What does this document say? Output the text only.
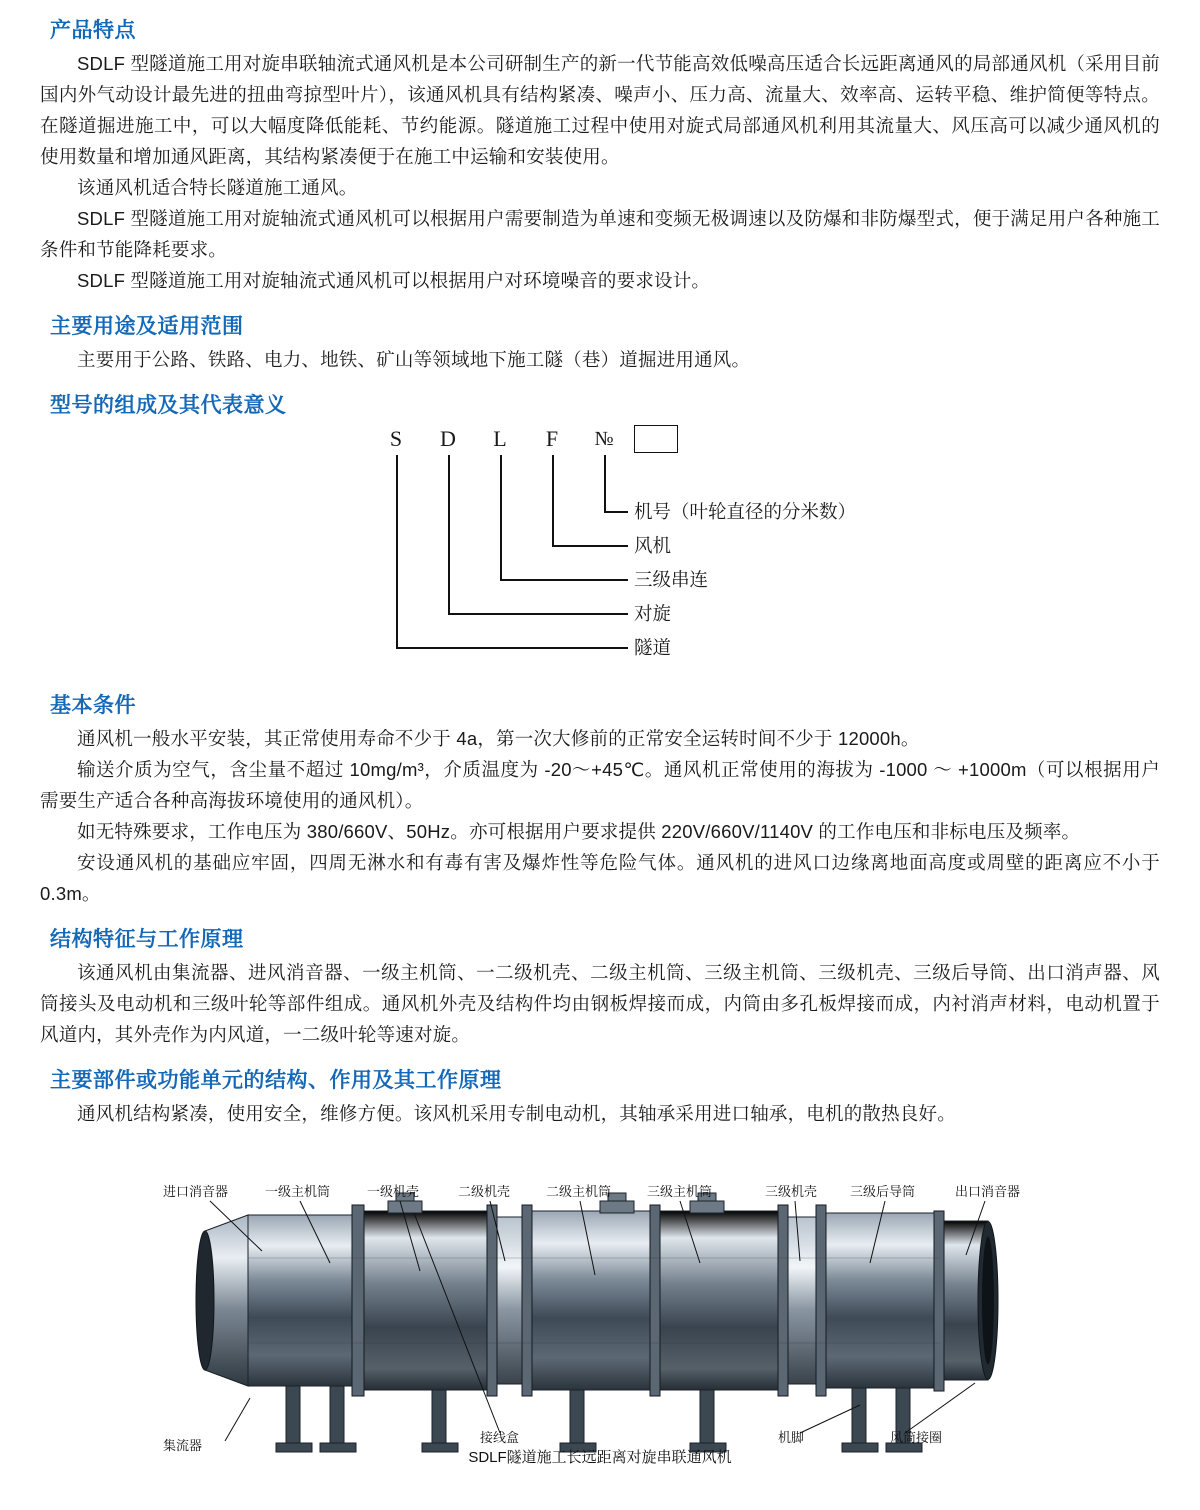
产品特点

SDLF 型隧道施工用对旋串联轴流式通风机是本公司研制生产的新一代节能高效低噪高压适合长远距离通风的局部通风机（采用目前国内外气动设计最先进的扭曲弯掠型叶片），该通风机具有结构紧凑、噪声小、压力高、流量大、效率高、运转平稳、维护简便等特点。在隧道掘进施工中，可以大幅度降低能耗、节约能源。隧道施工过程中使用对旋式局部通风机利用其流量大、风压高可以减少通风机的使用数量和增加通风距离，其结构紧凑便于在施工中运输和安装使用。

该通风机适合特长隧道施工通风。

SDLF 型隧道施工用对旋轴流式通风机可以根据用户需要制造为单速和变频无极调速以及防爆和非防爆型式，便于满足用户各种施工条件和节能降耗要求。

SDLF 型隧道施工用对旋轴流式通风机可以根据用户对环境噪音的要求设计。

主要用途及适用范围

主要用于公路、铁路、电力、地铁、矿山等领域地下施工隧（巷）道掘进用通风。

型号的组成及其代表意义
S	D	L	F	№
机号（叶轮直径的分米数）
风机
三级串连
对旋
隧道
基本条件

通风机一般水平安装，其正常使用寿命不少于 4a，第一次大修前的正常安全运转时间不少于 12000h。

输送介质为空气，含尘量不超过 10mg/m³，介质温度为 -20～+45℃。通风机正常使用的海拔为 -1000 ～ +1000m（可以根据用户需要生产适合各种高海拔环境使用的通风机）。

如无特殊要求，工作电压为 380/660V、50Hz。亦可根据用户要求提供 220V/660V/1140V 的工作电压和非标电压及频率。

安设通风机的基础应牢固，四周无淋水和有毒有害及爆炸性等危险气体。通风机的进风口边缘离地面高度或周壁的距离应不小于 0.3m。

结构特征与工作原理

该通风机由集流器、进风消音器、一级主机筒、一二级机壳、二级主机筒、三级主机筒、三级机壳、三级后导筒、出口消声器、风筒接头及电动机和三级叶轮等部件组成。通风机外壳及结构件均由钢板焊接而成，内筒由多孔板焊接而成，内衬消声材料，电动机置于风道内，其外壳作为内风道，一二级叶轮等速对旋。

主要部件或功能单元的结构、作用及其工作原理

通风机结构紧凑，使用安全，维修方便。该风机采用专制电动机，其轴承采用进口轴承，电机的散热良好。

进口消音器	一级主机筒	一级机壳	二级机壳	二级主机筒	三级主机筒	三级机壳	三级后导筒	出口消音器
集流器
接线盒	机脚	风筒接圈
SDLF隧道施工长远距离对旋串联通风机
